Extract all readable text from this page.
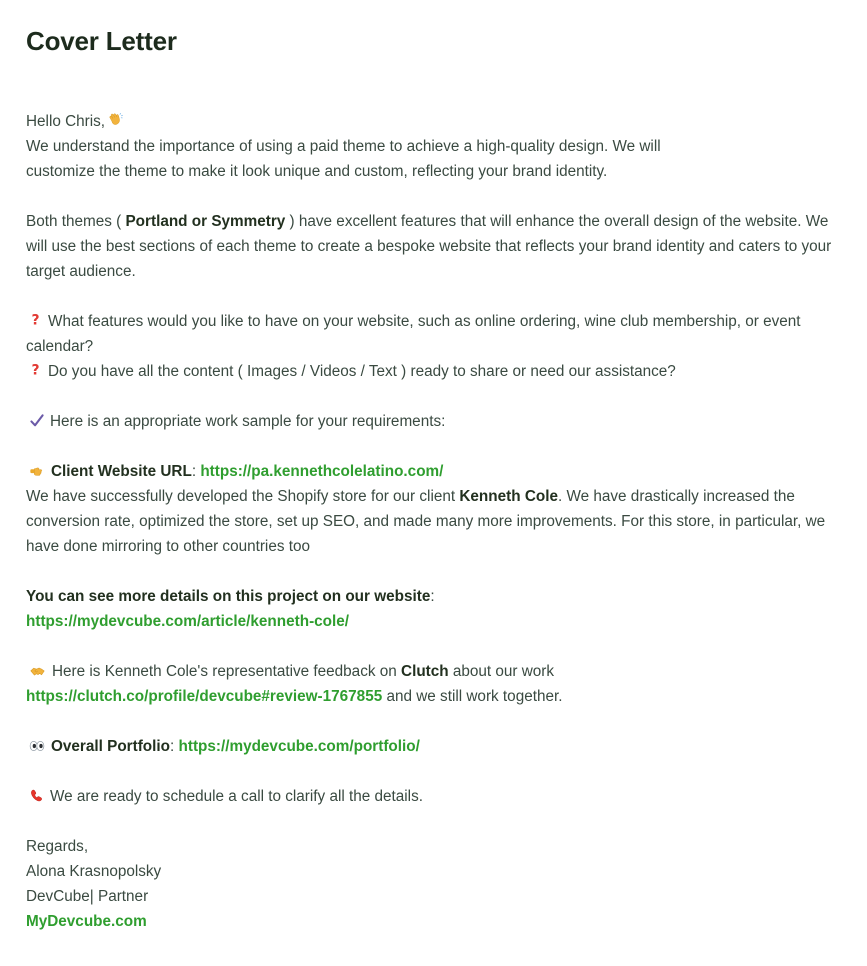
Cover Letter

Hello Chris,
We understand the importance of using a paid theme to achieve a high-quality design. We will
customize the theme to make it look unique and custom, reflecting your brand identity.

Both themes ( Portland or Symmetry ) have excellent features that will enhance the overall design of the website. We will use the best sections of each theme to create a bespoke website that reflects your brand identity and caters to your target audience.

? What features would you like to have on your website, such as online ordering, wine club membership, or event calendar?

? Do you have all the content ( Images / Videos / Text ) ready to share or need our assistance?

Here is an appropriate work sample for your requirements:

Client Website URL: https://pa.kennethcolelatino.com/
We have successfully developed the Shopify store for our client Kenneth Cole. We have drastically increased the conversion rate, optimized the store, set up SEO, and made many more improvements. For this store, in particular, we have done mirroring to other countries too

You can see more details on this project on our website:
https://mydevcube.com/article/kenneth-cole/

Here is Kenneth Cole's representative feedback on Clutch about our work
https://clutch.co/profile/devcube#review-1767855 and we still work together.

Overall Portfolio: https://mydevcube.com/portfolio/

We are ready to schedule a call to clarify all the details.

Regards,
Alona Krasnopolsky
DevCube| Partner
MyDevcube.com
